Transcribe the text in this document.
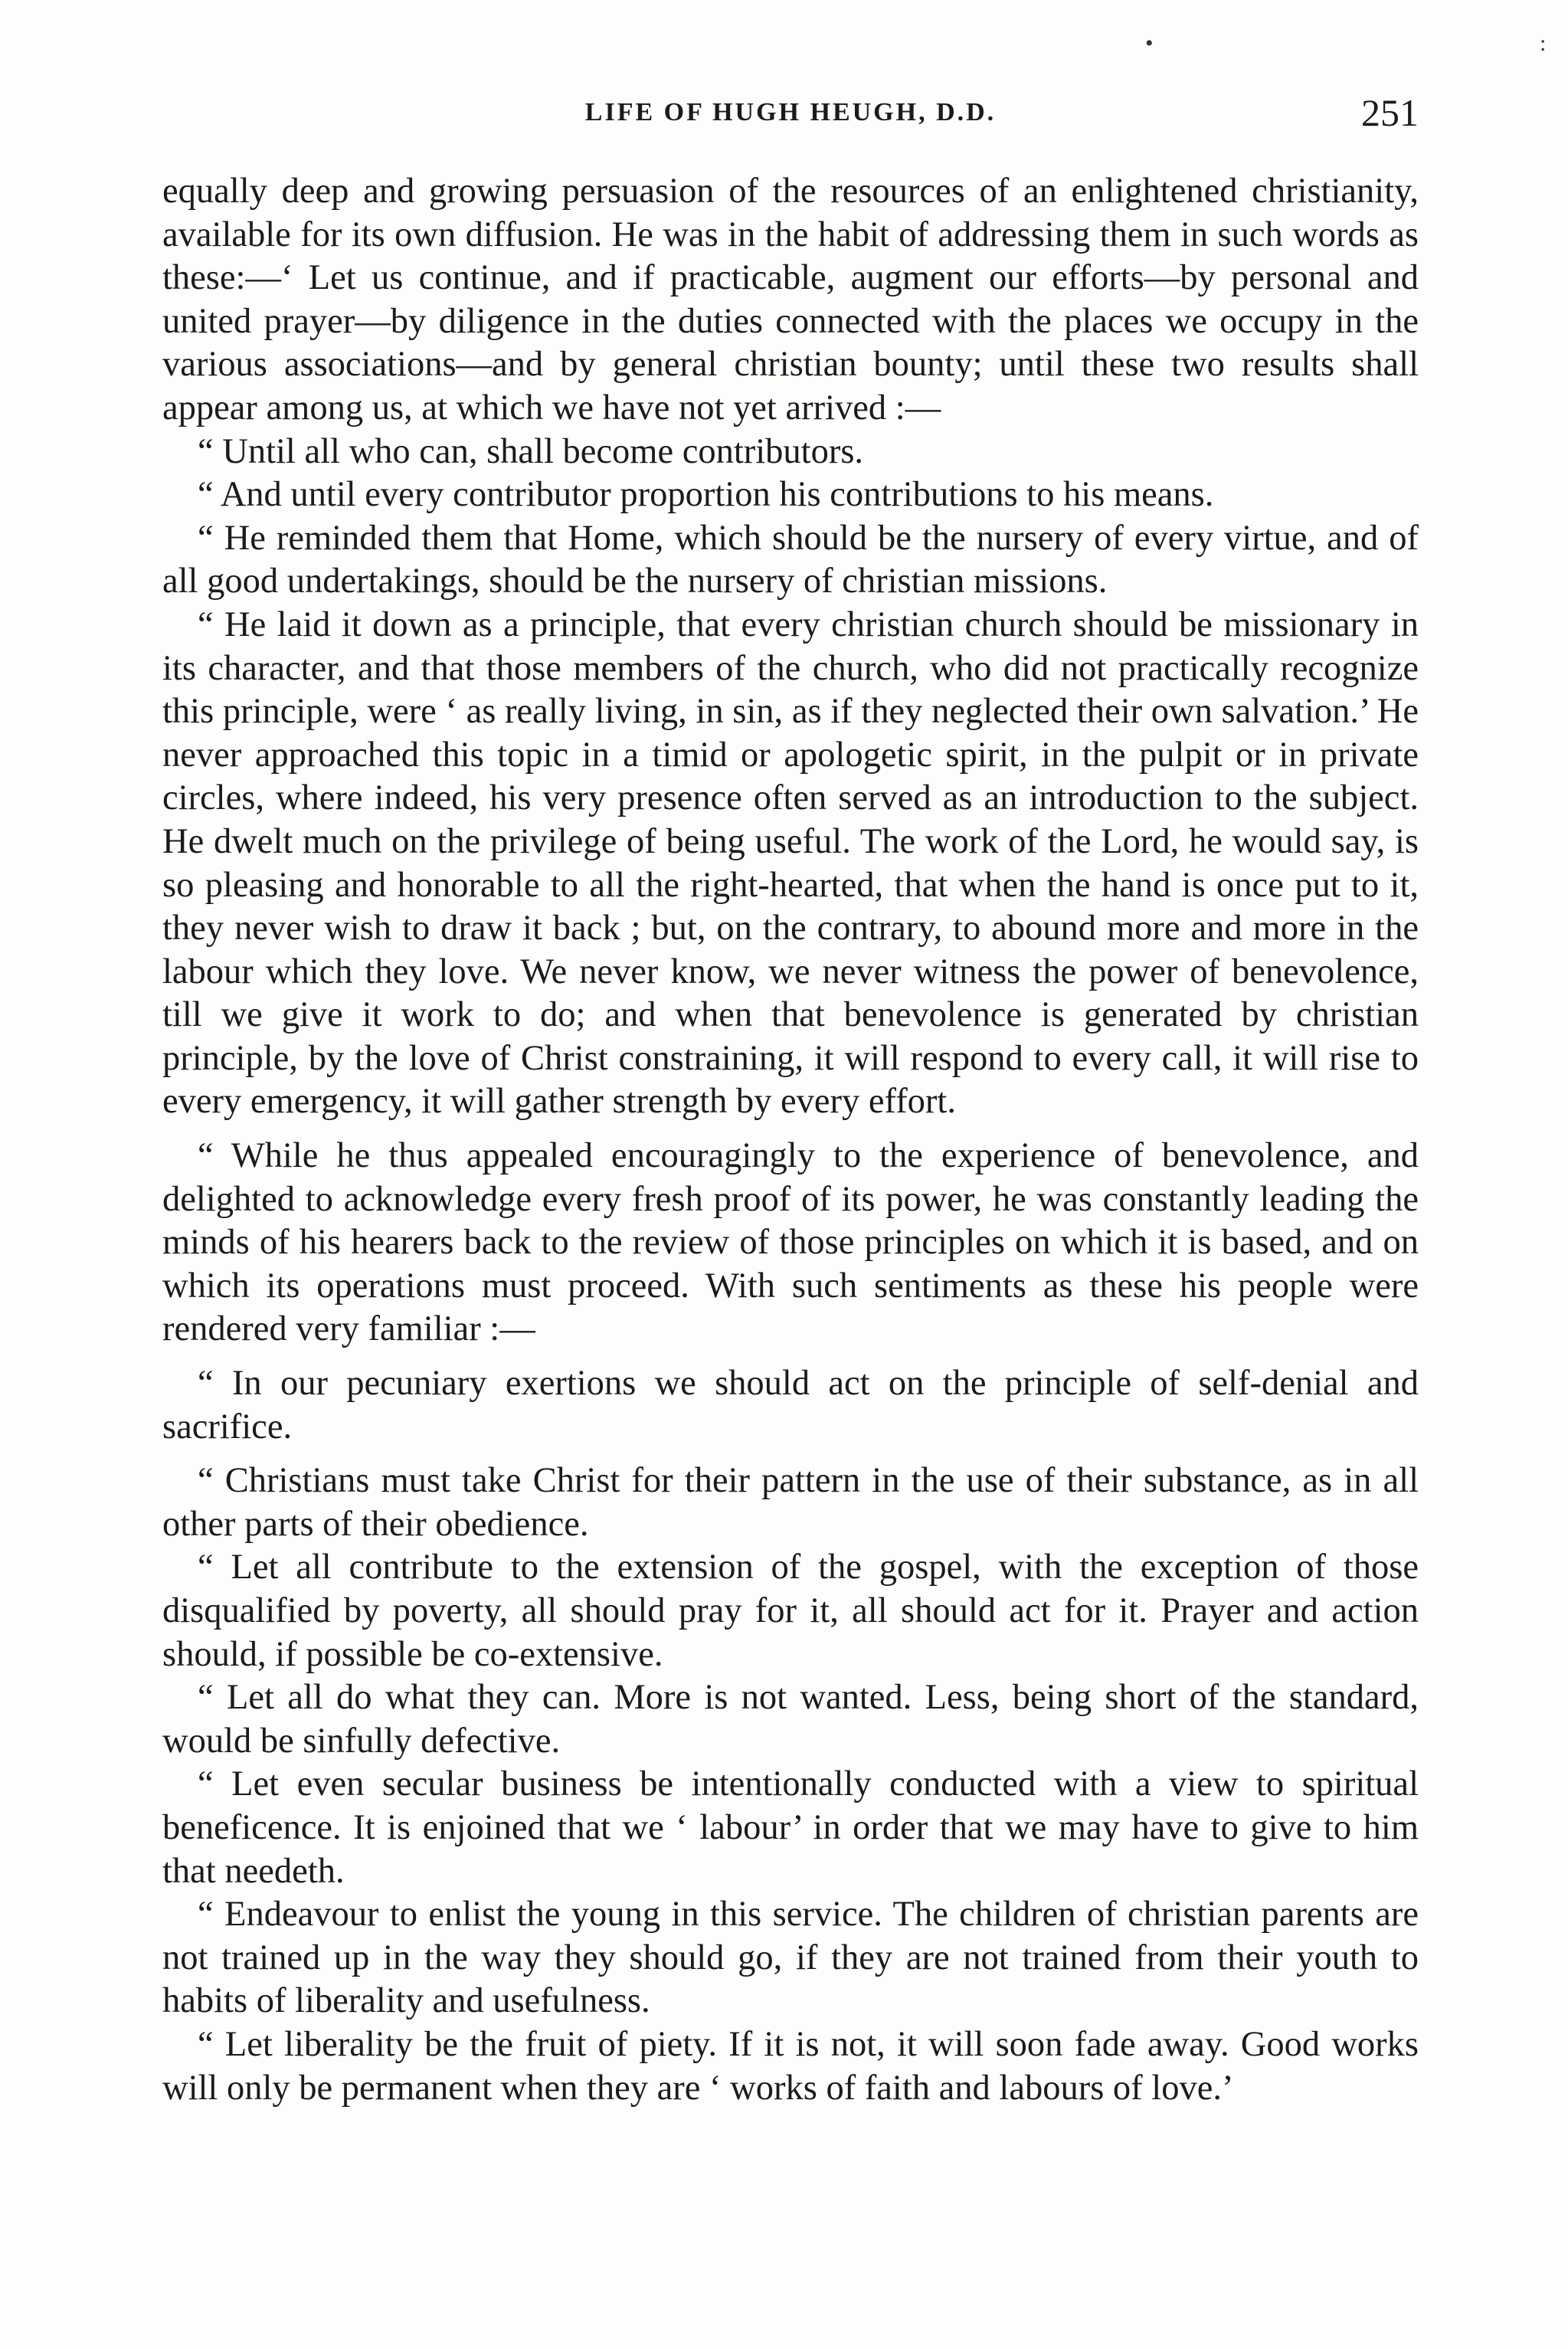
•	:
LIFE OF HUGH HEUGH, D.D.	251

equally deep and growing persuasion of the resources of an enlightened christianity, available for its own diffusion. He was in the habit of addressing them in such words as these:—‘ Let us continue, and if practicable, augment our efforts—by personal and united prayer—by diligence in the duties connected with the places we occupy in the various associations—and by general christian bounty; until these two results shall appear among us, at which we have not yet arrived :—

“ Until all who can, shall become contributors.

“ And until every contributor proportion his contributions to his means.

“ He reminded them that Home, which should be the nursery of every virtue, and of all good undertakings, should be the nursery of christian missions.

“ He laid it down as a principle, that every christian church should be missionary in its character, and that those members of the church, who did not practically recognize this principle, were ‘ as really living, in sin, as if they neglected their own salvation.’ He never approached this topic in a timid or apologetic spirit, in the pulpit or in private circles, where indeed, his very presence often served as an introduction to the subject. He dwelt much on the privilege of being useful. The work of the Lord, he would say, is so pleasing and honorable to all the right-hearted, that when the hand is once put to it, they never wish to draw it back ; but, on the contrary, to abound more and more in the labour which they love. We never know, we never witness the power of benevolence, till we give it work to do; and when that benevolence is generated by christian principle, by the love of Christ constraining, it will respond to every call, it will rise to every emergency, it will gather strength by every effort.

“ While he thus appealed encouragingly to the experience of benevolence, and delighted to acknowledge every fresh proof of its power, he was constantly leading the minds of his hearers back to the review of those principles on which it is based, and on which its operations must proceed. With such sentiments as these his people were rendered very familiar :—

“ In our pecuniary exertions we should act on the principle of self-denial and sacrifice.

“ Christians must take Christ for their pattern in the use of their substance, as in all other parts of their obedience.

“ Let all contribute to the extension of the gospel, with the exception of those disqualified by poverty, all should pray for it, all should act for it. Prayer and action should, if possible be co-extensive.

“ Let all do what they can. More is not wanted. Less, being short of the standard, would be sinfully defective.

“ Let even secular business be intentionally conducted with a view to spiritual beneficence. It is enjoined that we ‘ labour’ in order that we may have to give to him that needeth.

“ Endeavour to enlist the young in this service. The children of christian parents are not trained up in the way they should go, if they are not trained from their youth to habits of liberality and usefulness.

“ Let liberality be the fruit of piety. If it is not, it will soon fade away. Good works will only be permanent when they are ‘ works of faith and labours of love.’
